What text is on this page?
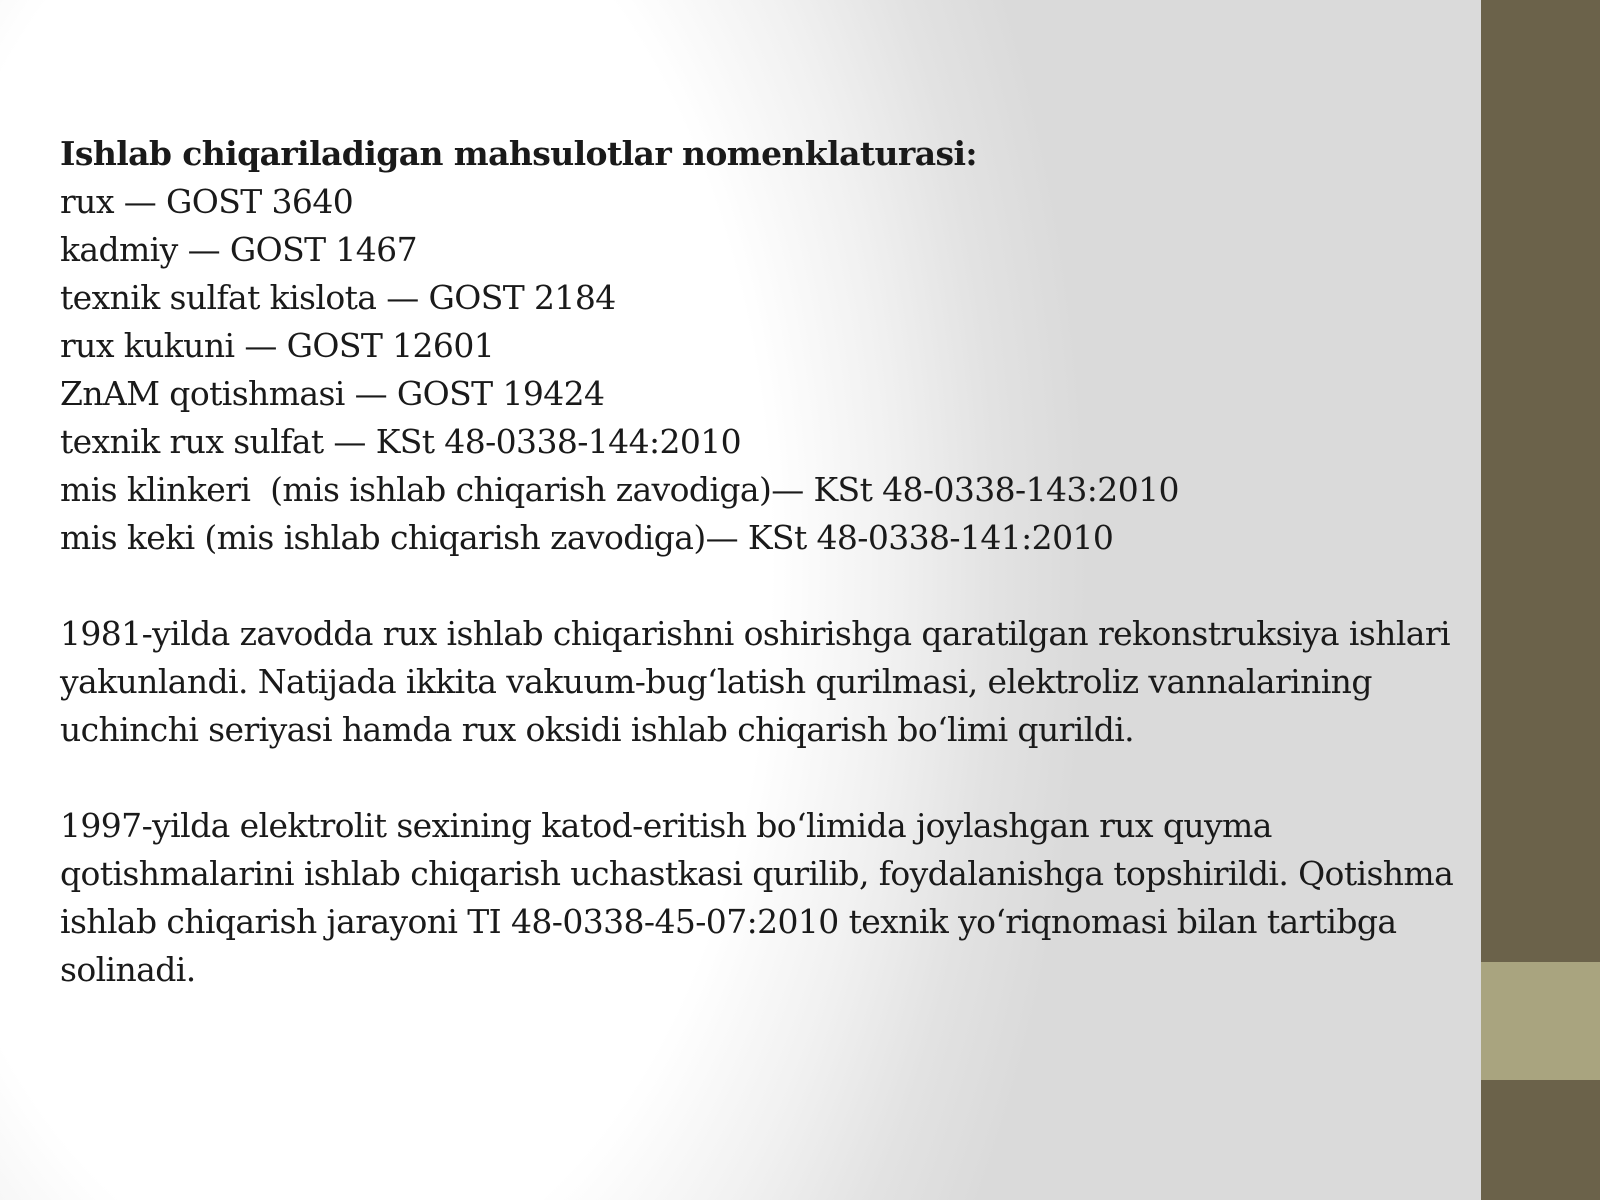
Ishlab chiqariladigan mahsulotlar nomenklaturasi:

rux — GOST 3640
kadmiy — GOST 1467
texnik sulfat kislota — GOST 2184
rux kukuni — GOST 12601
ZnAM qotishmasi — GOST 19424
texnik rux sulfat — KSt 48-0338-144:2010
mis klinkeri  (mis ishlab chiqarish zavodiga)— KSt 48-0338-143:2010
mis keki (mis ishlab chiqarish zavodiga)— KSt 48-0338-141:2010

1981-yilda zavodda rux ishlab chiqarishni oshirishga qaratilgan rekonstruksiya ishlari yakunlandi. Natijada ikkita vakuum-bug‘latish qurilmasi, elektroliz vannalarining uchinchi seriyasi hamda rux oksidi ishlab chiqarish bo‘limi qurildi.

1997-yilda elektrolit sexining katod-eritish bo‘limida joylashgan rux quyma qotishmalarini ishlab chiqarish uchastkasi qurilib, foydalanishga topshirildi. Qotishma ishlab chiqarish jarayoni TI 48-0338-45-07:2010 texnik yo‘riqnomasi bilan tartibga solinadi.
